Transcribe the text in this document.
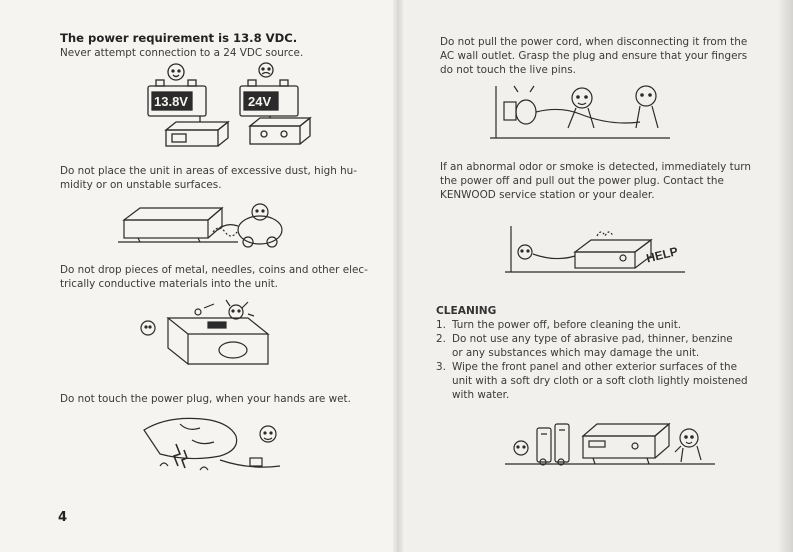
The power requirement is 13.8 VDC.
Never attempt connection to a 24 VDC source.
13.8V	24V
Do not place the unit in areas of excessive dust, high hu-
midity or on unstable surfaces.
Do not drop pieces of metal, needles, coins and other elec-
trically conductive materials into the unit.
Do not touch the power plug, when your hands are wet.
4
Do not pull the power cord, when disconnecting it from the
AC wall outlet. Grasp the plug and ensure that your fingers
do not touch the live pins.
If an abnormal odor or smoke is detected, immediately turn
the power off and pull out the power plug. Contact the
KENWOOD service station or your dealer.
HELP
CLEANING
1. Turn the power off, before cleaning the unit.
2. Do not use any type of abrasive pad, thinner, benzine
or any substances which may damage the unit.
3. Wipe the front panel and other exterior surfaces of the
unit with a soft dry cloth or a soft cloth lightly moistened
with water.
